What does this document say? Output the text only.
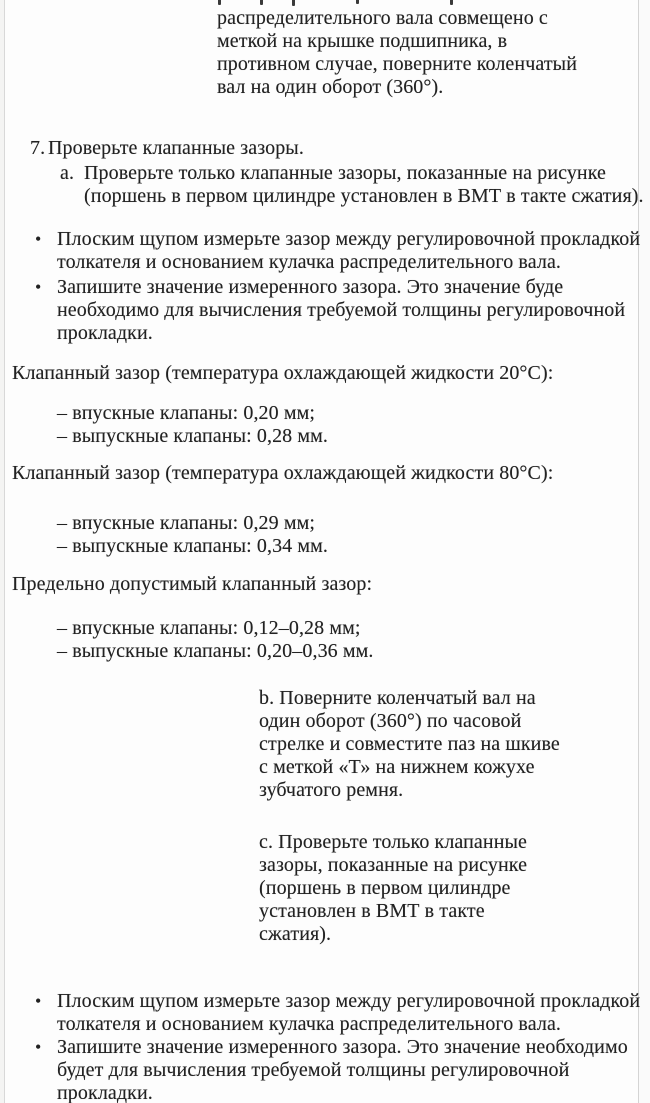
распределительного вала совмещено с
меткой на крышке подшипника, в
противном случае, поверните коленчатый
вал на один оборот (360°).
7. Проверьте клапанные зазоры.
a. Проверьте только клапанные зазоры, показанные на рисунке
(поршень в первом цилиндре установлен в ВМТ в такте сжатия).
• Плоским щупом измерьте зазор между регулировочной прокладкой
толкателя и основанием кулачка распределительного вала.
• Запишите значение измеренного зазора. Это значение буде
необходимо для вычисления требуемой толщины регулировочной
прокладки.
Клапанный зазор (температура охлаждающей жидкости 20°С):
– впускные клапаны: 0,20 мм;
– выпускные клапаны: 0,28 мм.
Клапанный зазор (температура охлаждающей жидкости 80°С):
– впускные клапаны: 0,29 мм;
– выпускные клапаны: 0,34 мм.
Предельно допустимый клапанный зазор:
– впускные клапаны: 0,12–0,28 мм;
– выпускные клапаны: 0,20–0,36 мм.
b. Поверните коленчатый вал на
один оборот (360°) по часовой
стрелке и совместите паз на шкиве
с меткой «Т» на нижнем кожухе
зубчатого ремня.
c. Проверьте только клапанные
зазоры, показанные на рисунке
(поршень в первом цилиндре
установлен в ВМТ в такте
сжатия).
• Плоским щупом измерьте зазор между регулировочной прокладкой
толкателя и основанием кулачка распределительного вала.
• Запишите значение измеренного зазора. Это значение необходимо
будет для вычисления требуемой толщины регулировочной
прокладки.
